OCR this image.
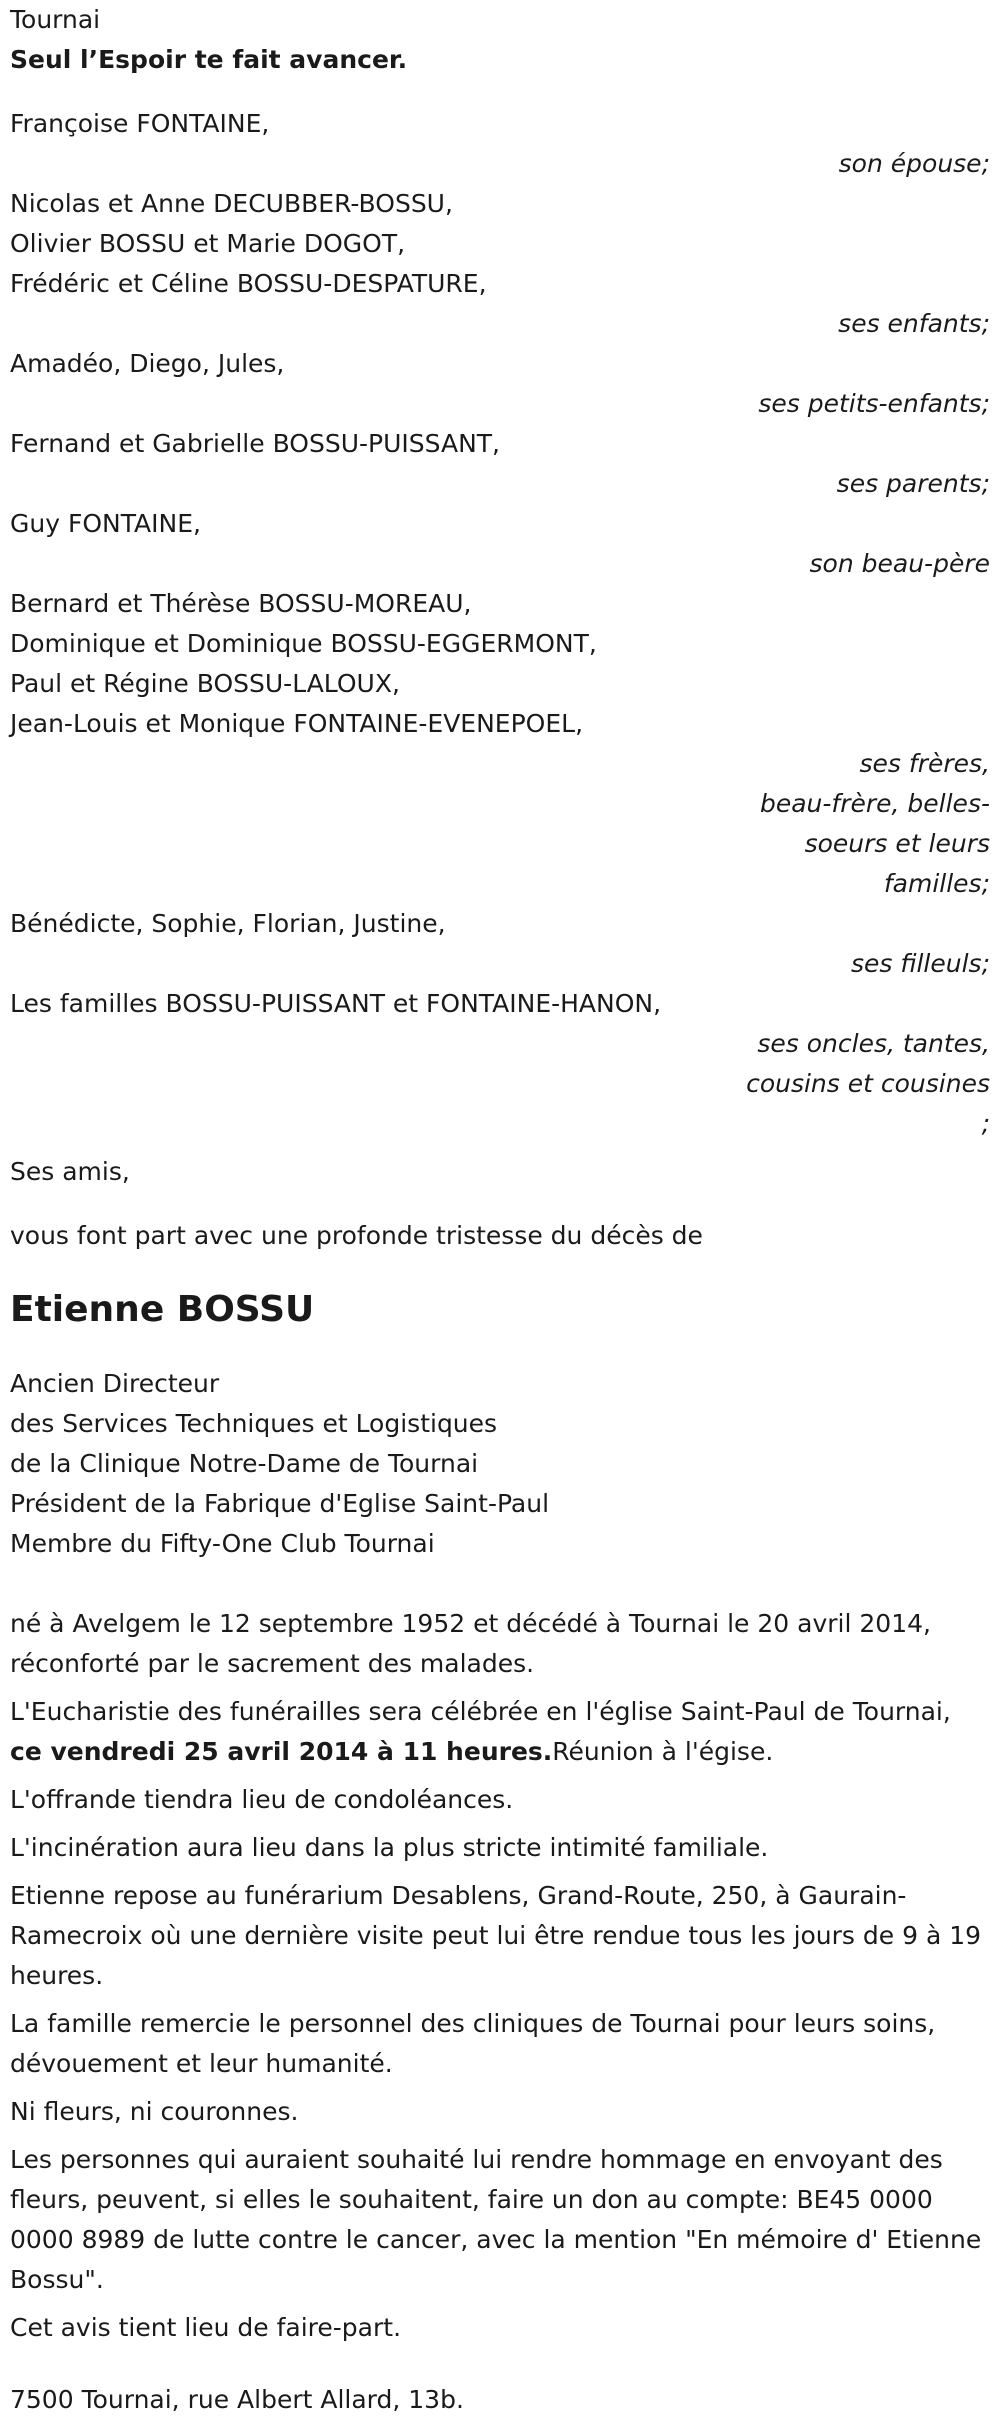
Tournai
Seul l’Espoir te fait avancer.
Françoise FONTAINE,
son épouse;
Nicolas et Anne DECUBBER-BOSSU,
Olivier BOSSU et Marie DOGOT,
Frédéric et Céline BOSSU-DESPATURE,
ses enfants;
Amadéo, Diego, Jules,
ses petits-enfants;
Fernand et Gabrielle BOSSU-PUISSANT,
ses parents;
Guy FONTAINE,
son beau-père
Bernard et Thérèse BOSSU-MOREAU,
Dominique et Dominique BOSSU-EGGERMONT,
Paul et Régine BOSSU-LALOUX,
Jean-Louis et Monique FONTAINE-EVENEPOEL,
ses frères,
beau-frère, belles-
soeurs et leurs
familles;
Bénédicte, Sophie, Florian, Justine,
ses filleuls;
Les familles BOSSU-PUISSANT et FONTAINE-HANON,
ses oncles, tantes,
cousins et cousines
;
Ses amis,
vous font part avec une profonde tristesse du décès de
Etienne BOSSU
Ancien Directeur
des Services Techniques et Logistiques
de la Clinique Notre-Dame de Tournai
Président de la Fabrique d'Eglise Saint-Paul
Membre du Fifty-One Club Tournai

né à Avelgem le 12 septembre 1952 et décédé à Tournai le 20 avril 2014, réconforté par le sacrement des malades.

L'Eucharistie des funérailles sera célébrée en l'église Saint-Paul de Tournai, ce vendredi 25 avril 2014 à 11 heures.Réunion à l'égise.

L'offrande tiendra lieu de condoléances.

L'incinération aura lieu dans la plus stricte intimité familiale.

Etienne repose au funérarium Desablens, Grand-Route, 250, à Gaurain-Ramecroix où une dernière visite peut lui être rendue tous les jours de 9 à 19 heures.

La famille remercie le personnel des cliniques de Tournai pour leurs soins, dévouement et leur humanité.

Ni fleurs, ni couronnes.

Les personnes qui auraient souhaité lui rendre hommage en envoyant des fleurs, peuvent, si elles le souhaitent, faire un don au compte: BE45 0000 0000 8989 de lutte contre le cancer, avec la mention "En mémoire d' Etienne Bossu".

Cet avis tient lieu de faire-part.

7500 Tournai, rue Albert Allard, 13b.
